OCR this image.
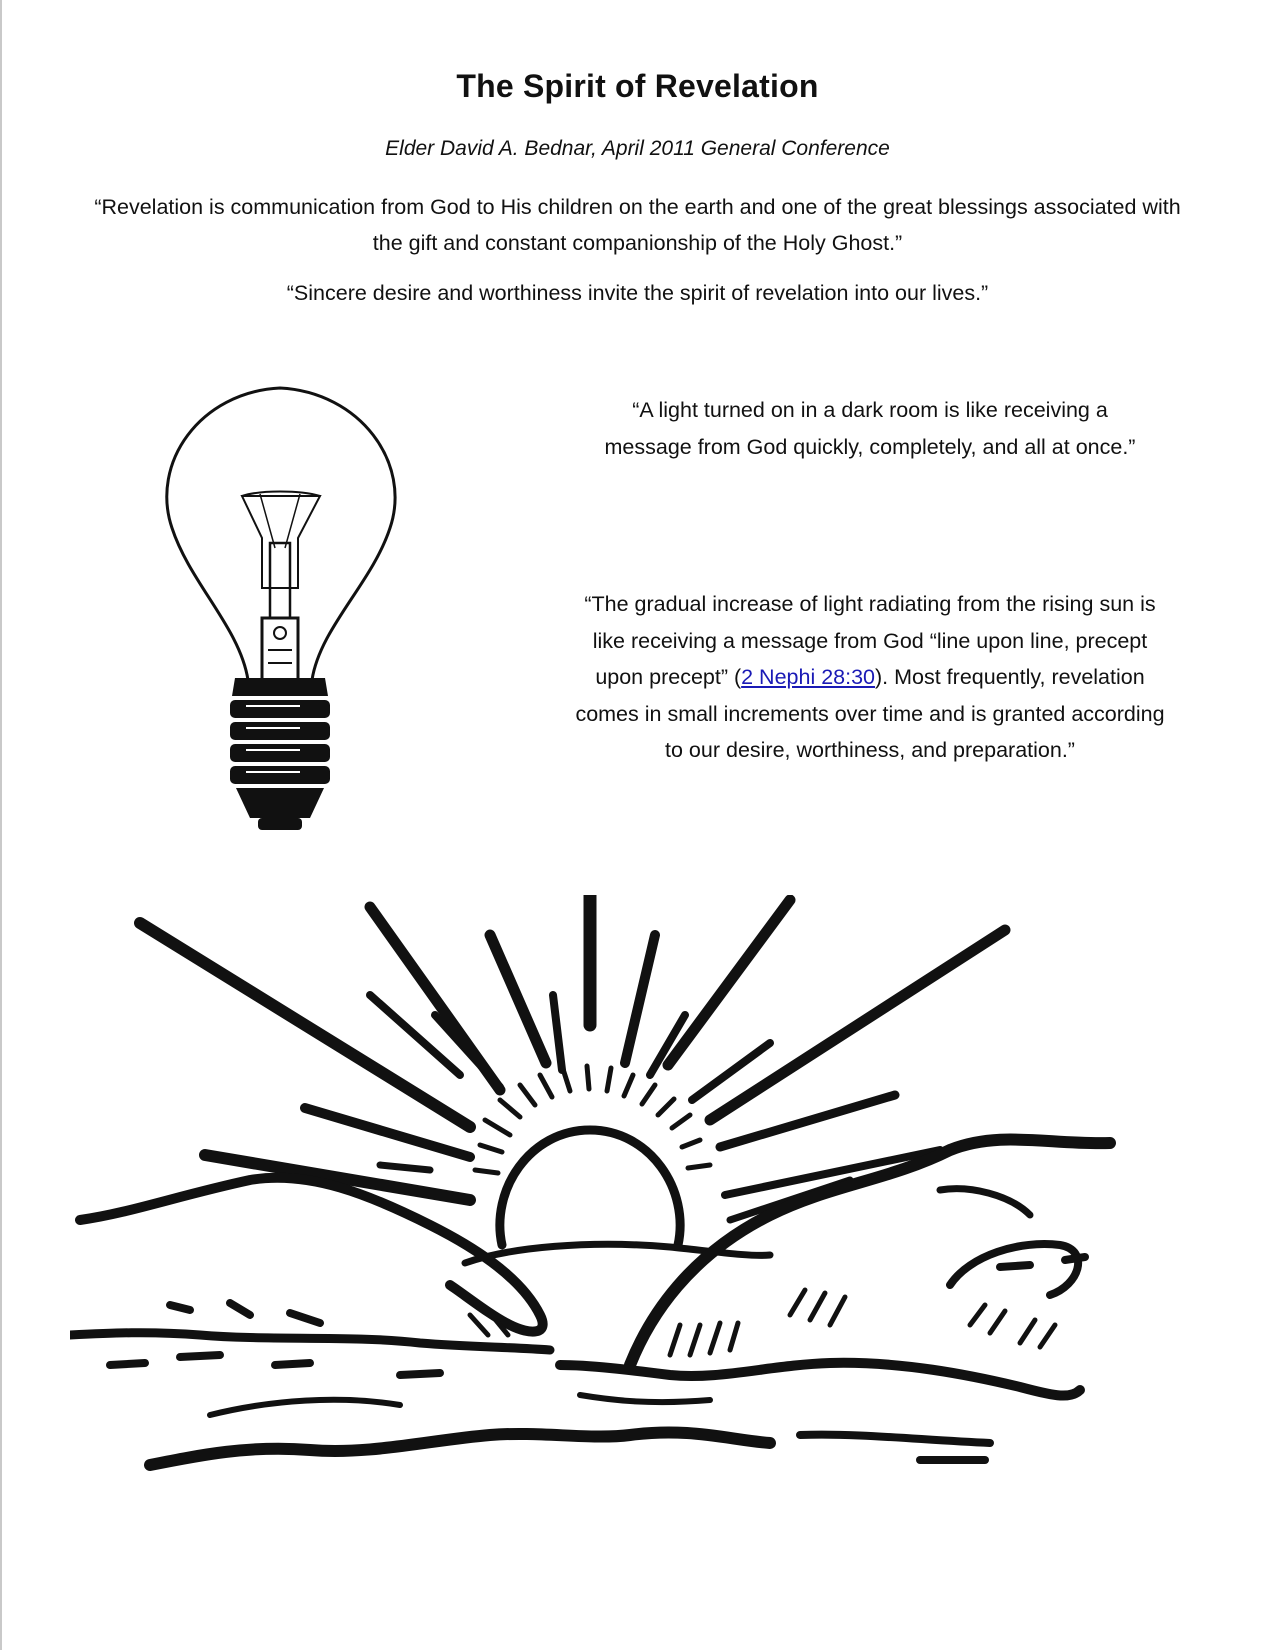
The Spirit of Revelation
Elder David A. Bednar, April 2011 General Conference
“Revelation is communication from God to His children on the earth and one of the great blessings associated with the gift and constant companionship of the Holy Ghost.”
“Sincere desire and worthiness invite the spirit of revelation into our lives.”
“A light turned on in a dark room is like receiving a message from God quickly, completely, and all at once.”
“The gradual increase of light radiating from the rising sun is like receiving a message from God “line upon line, precept upon precept” (2 Nephi 28:30). Most frequently, revelation comes in small increments over time and is granted according to our desire, worthiness, and preparation.”
